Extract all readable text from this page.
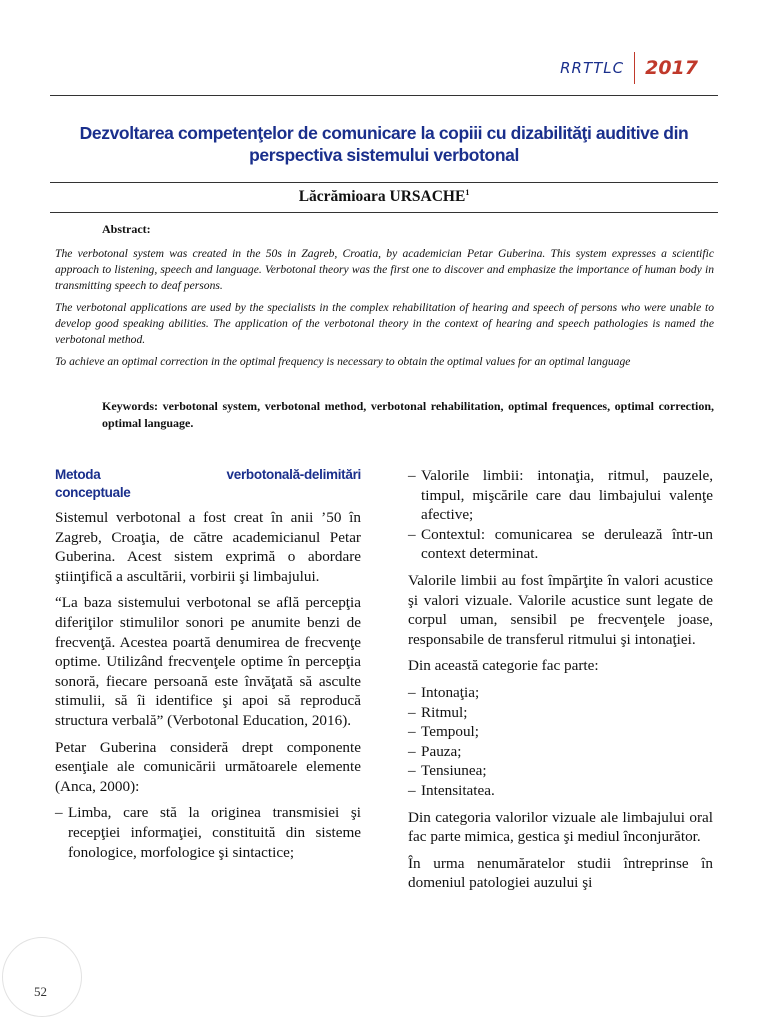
RRTTLC	2017
Dezvoltarea competenţelor de comunicare la copiii cu dizabilităţi auditive din perspectiva sistemului verbotonal
Lăcrămioara URSACHE$^1$
Abstract:

The verbotonal system was created in the 50s in Zagreb, Croatia, by academician Petar Guberina. This system expresses a scientific approach to listening, speech and language. Verbotonal theory was the first one to discover and emphasize the importance of human body in transmitting speech to deaf persons.

The verbotonal applications are used by the specialists in the complex rehabilitation of hearing and speech of persons who were unable to develop good speaking abilities. The application of the verbotonal theory in the context of hearing and speech pathologies is named the verbotonal method.

To achieve an optimal correction in the optimal frequency is necessary to obtain the optimal values for an optimal language

Keywords: verbotonal system, verbotonal method, verbotonal rehabilitation, optimal frequences, optimal correction, optimal language.
Metoda verbotonală-delimitări
conceptuale

Sistemul verbotonal a fost creat în anii ’50 în Zagreb, Croaţia, de către academicianul Petar Guberina. Acest sistem exprimă o abordare ştiinţifică a ascultării, vorbirii şi limbajului.

“La baza sistemului verbotonal se află percepţia diferiţilor stimulilor sonori pe anumite benzi de frecvenţă. Acestea poartă denumirea de frecvenţe optime. Utilizând frecvenţele optime în percepţia sonoră, fiecare persoană este învăţată să asculte stimulii, să îi identifice şi apoi să reproducă structura verbală” (Verbotonal Education, 2016).

Petar Guberina consideră drept componente esenţiale ale comunicării următoarele elemente (Anca, 2000):

– Limba, care stă la originea transmisiei şi recepţiei informaţiei, constituită din sisteme fonologice, morfologice şi sintactice;
– Valorile limbii: intonaţia, ritmul, pauzele, timpul, mişcările care dau limbajului valenţe afective;
– Contextul: comunicarea se derulează într-un context determinat.

Valorile limbii au fost împărţite în valori acustice şi valori vizuale. Valorile acustice sunt legate de corpul uman, sensibil pe frecvenţele joase, responsabile de transferul ritmului şi intonaţiei.

Din această categorie fac parte:

– Intonaţia;
– Ritmul;
– Tempoul;
– Pauza;
– Tensiunea;
– Intensitatea.

Din categoria valorilor vizuale ale limbajului oral fac parte mimica, gestica şi mediul înconjurător.

În urma nenumăratelor studii întreprinse în domeniul patologiei auzului şi

52
